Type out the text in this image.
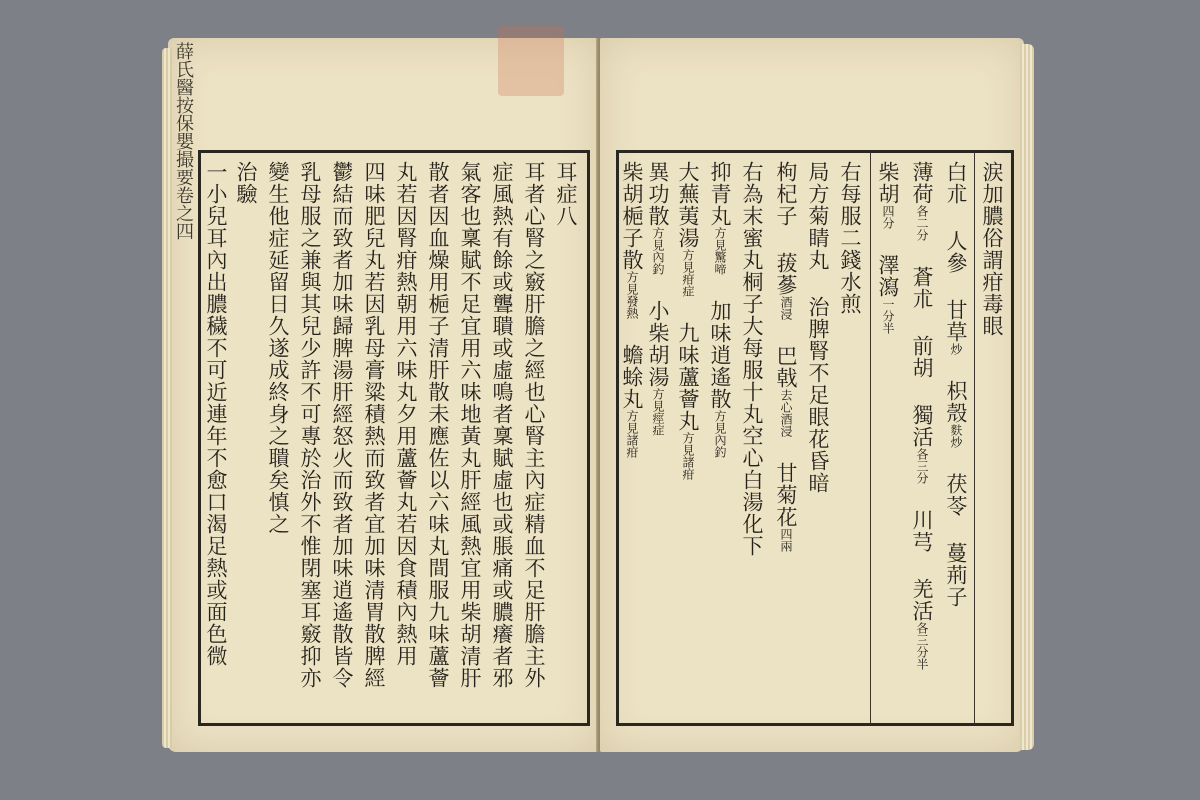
薛氏醫按保嬰撮要卷之四	耳症八
耳者心腎之竅肝膽之經也心腎主內症精血不足肝膽主外
症風熱有餘或聾聵或虛鳴者稟賦虛也或脹痛或膿癢者邪
氣客也稟賦不足宜用六味地黃丸肝經風熱宜用柴胡清肝
散者因血燥用梔子清肝散未應佐以六味丸間服九味蘆薈
丸若因腎疳熱朝用六味丸夕用蘆薈丸若因食積內熱用
四味肥兒丸若因乳母膏粱積熱而致者宜加味清胃散脾經
鬱結而致者加味歸脾湯肝經怒火而致者加味逍遙散皆令
乳母服之兼與其兒少許不可專於治外不惟閉塞耳竅抑亦
變生他症延留日久遂成終身之聵矣慎之
治驗
一小兒耳內出膿穢不可近連年不愈口渴足熱或面色微	涙加膿俗謂疳毒眼
白朮 人參 甘草炒 枳殼麩炒 茯苓 蔓荊子
薄荷各二分 蒼朮 前胡 獨活各三分 川芎 羌活各三分半
柴胡四分 澤瀉一分半
右每服二錢水煎
局方菊睛丸 治脾腎不足眼花昏暗
枸杞子 菝蔘酒浸 巴戟去心酒浸 甘菊花四兩
右為末蜜丸桐子大每服十丸空心白湯化下
抑青丸方見驚啼 加味逍遙散方見內釣
大蕪荑湯方見疳症 九味蘆薈丸方見諸疳
異功散方見內釣 小柴胡湯方見痙症
柴胡梔子散方見發熱 蟾蜍丸方見諸疳
